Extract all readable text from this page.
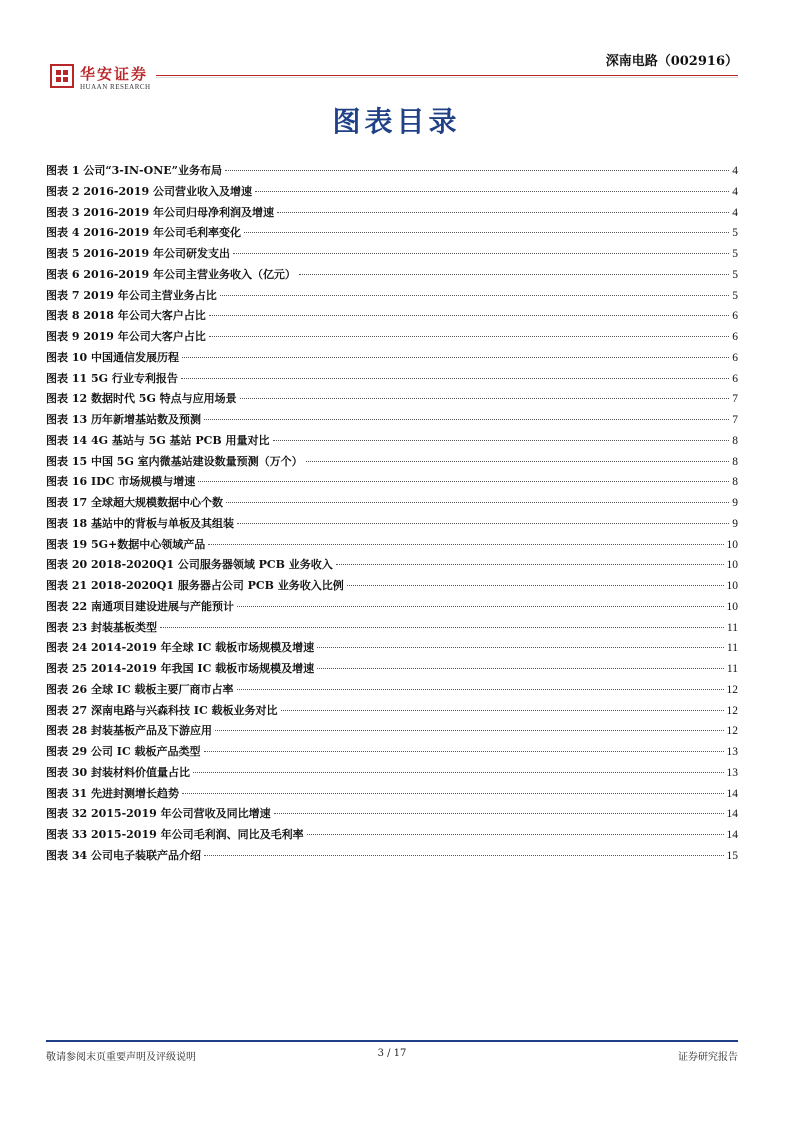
华安证券
HUAAN RESEARCH
深南电路（002916）
图表目录
图表 1 公司“3-IN-ONE”业务布局	4
图表 2 2016-2019 公司营业收入及增速	4
图表 3 2016-2019 年公司归母净利润及增速	4
图表 4 2016-2019 年公司毛利率变化	5
图表 5 2016-2019 年公司研发支出	5
图表 6 2016-2019 年公司主营业务收入（亿元）	5
图表 7 2019 年公司主营业务占比	5
图表 8 2018 年公司大客户占比	6
图表 9 2019 年公司大客户占比	6
图表 10 中国通信发展历程	6
图表 11 5G 行业专利报告	6
图表 12 数据时代 5G 特点与应用场景	7
图表 13 历年新增基站数及预测	7
图表 14 4G 基站与 5G 基站 PCB 用量对比	8
图表 15 中国 5G 室内微基站建设数量预测（万个）	8
图表 16 IDC 市场规模与增速	8
图表 17 全球超大规模数据中心个数	9
图表 18 基站中的背板与单板及其组装	9
图表 19 5G+数据中心领域产品	10
图表 20 2018-2020Q1 公司服务器领域 PCB 业务收入	10
图表 21 2018-2020Q1 服务器占公司 PCB 业务收入比例	10
图表 22 南通项目建设进展与产能预计	10
图表 23 封装基板类型	11
图表 24 2014-2019 年全球 IC 载板市场规模及增速	11
图表 25 2014-2019 年我国 IC 载板市场规模及增速	11
图表 26 全球 IC 载板主要厂商市占率	12
图表 27 深南电路与兴森科技 IC 载板业务对比	12
图表 28 封装基板产品及下游应用	12
图表 29 公司 IC 载板产品类型	13
图表 30 封装材料价值量占比	13
图表 31 先进封测增长趋势	14
图表 32 2015-2019 年公司营收及同比增速	14
图表 33 2015-2019 年公司毛利润、同比及毛利率	14
图表 34 公司电子装联产品介绍	15
敬请参阅末页重要声明及评级说明	3 / 17	证券研究报告
